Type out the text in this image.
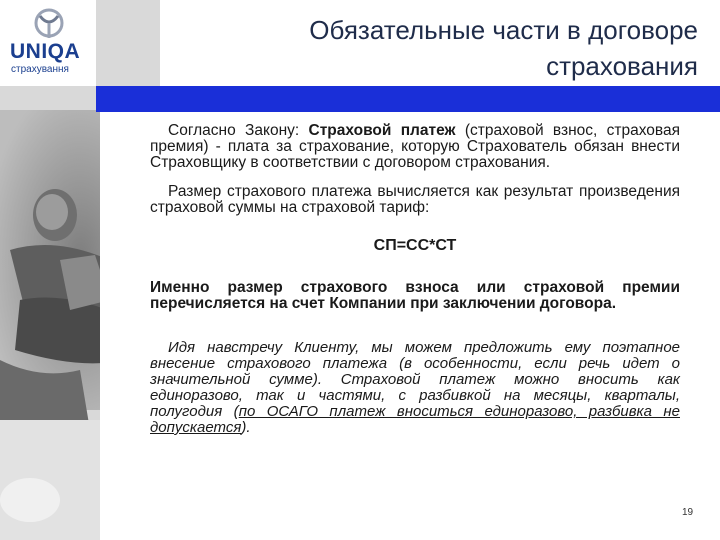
UNIQA
страхування
Обязательные части в договоре
страхования

Согласно Закону: Страховой платеж (страховой взнос, страховая премия) - плата за страхование, которую Страхователь обязан внести Страховщику в соответствии с договором страхования.

Размер страхового платежа вычисляется как результат произведения страховой суммы на страховой тариф:

СП=СС*СТ

Именно размер страхового взноса или страховой премии перечисляется на счет Компании при заключении договора.

Идя навстречу Клиенту, мы можем предложить ему поэтапное внесение страхового платежа (в особенности, если речь идет о значительной сумме). Страховой платеж можно вносить как единоразово, так и частями, с разбивкой на месяцы, кварталы, полугодия (по ОСАГО платеж вноситься единоразово, разбивка не допускается).

19
